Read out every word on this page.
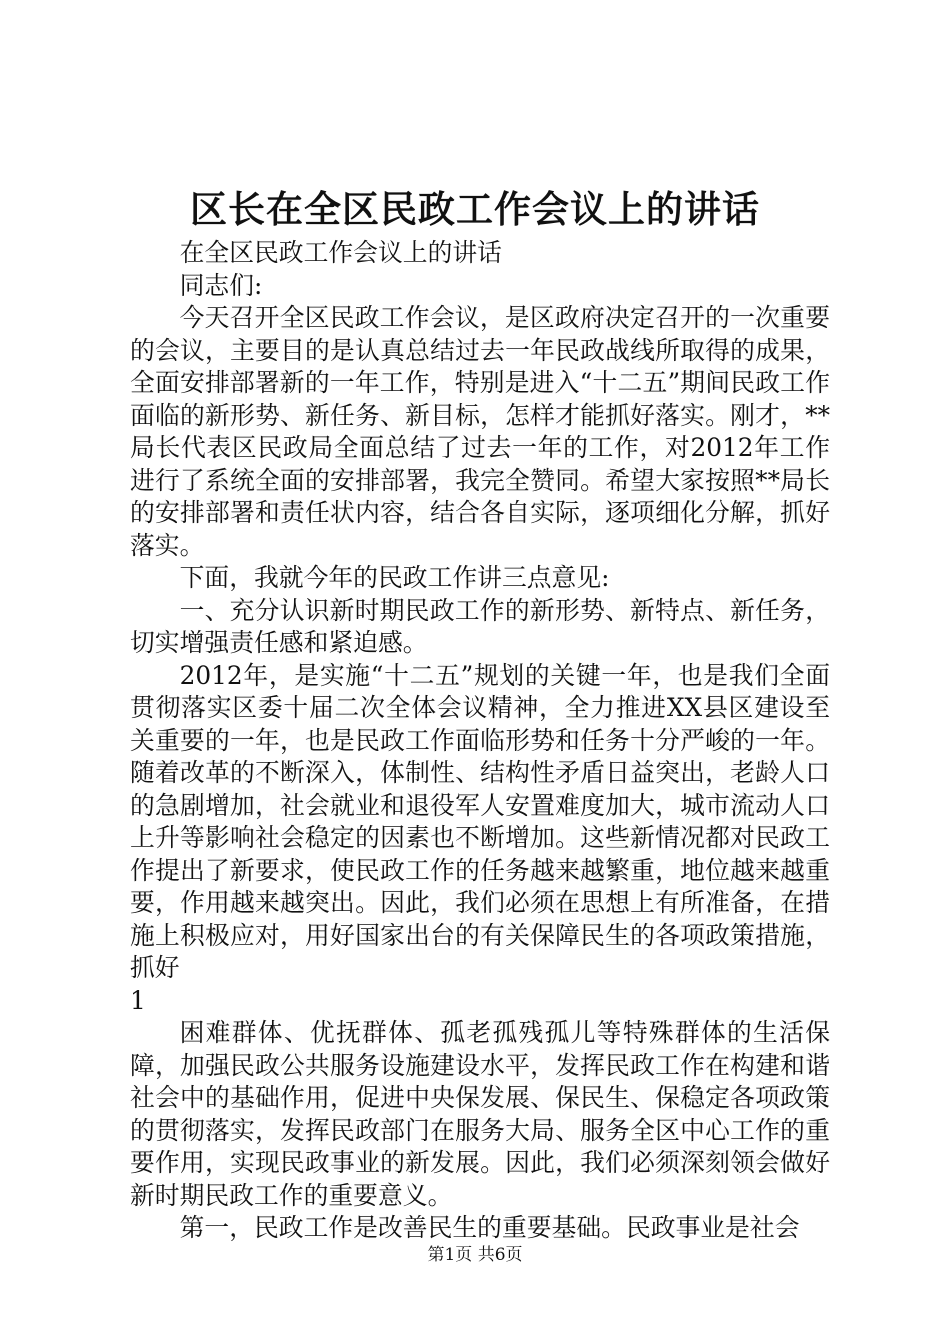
区长在全区民政工作会议上的讲话

在全区民政工作会议上的讲话

同志们:

今天召开全区民政工作会议，是区政府决定召开的一次重要的会议，主要目的是认真总结过去一年民政战线所取得的成果，全面安排部署新的一年工作，特别是进入“十二五”期间民政工作面临的新形势、新任务、新目标，怎样才能抓好落实。刚才，**局长代表区民政局全面总结了过去一年的工作，对2012年工作进行了系统全面的安排部署，我完全赞同。希望大家按照**局长的安排部署和责任状内容，结合各自实际，逐项细化分解，抓好落实。

下面，我就今年的民政工作讲三点意见:

一、充分认识新时期民政工作的新形势、新特点、新任务，切实增强责任感和紧迫感。

2012年，是实施“十二五”规划的关键一年，也是我们全面贯彻落实区委十届二次全体会议精神，全力推进XX县区建设至关重要的一年，也是民政工作面临形势和任务十分严峻的一年。随着改革的不断深入，体制性、结构性矛盾日益突出，老龄人口的急剧增加，社会就业和退役军人安置难度加大，城市流动人口上升等影响社会稳定的因素也不断增加。这些新情况都对民政工作提出了新要求，使民政工作的任务越来越繁重，地位越来越重要，作用越来越突出。因此，我们必须在思想上有所准备，在措施上积极应对，用好国家出台的有关保障民生的各项政策措施，抓好

1

困难群体、优抚群体、孤老孤残孤儿等特殊群体的生活保障，加强民政公共服务设施建设水平，发挥民政工作在构建和谐社会中的基础作用，促进中央保发展、保民生、保稳定各项政策的贯彻落实，发挥民政部门在服务大局、服务全区中心工作的重要作用，实现民政事业的新发展。因此，我们必须深刻领会做好新时期民政工作的重要意义。

第一，民政工作是改善民生的重要基础。民政事业是社会

第1页 共6页
